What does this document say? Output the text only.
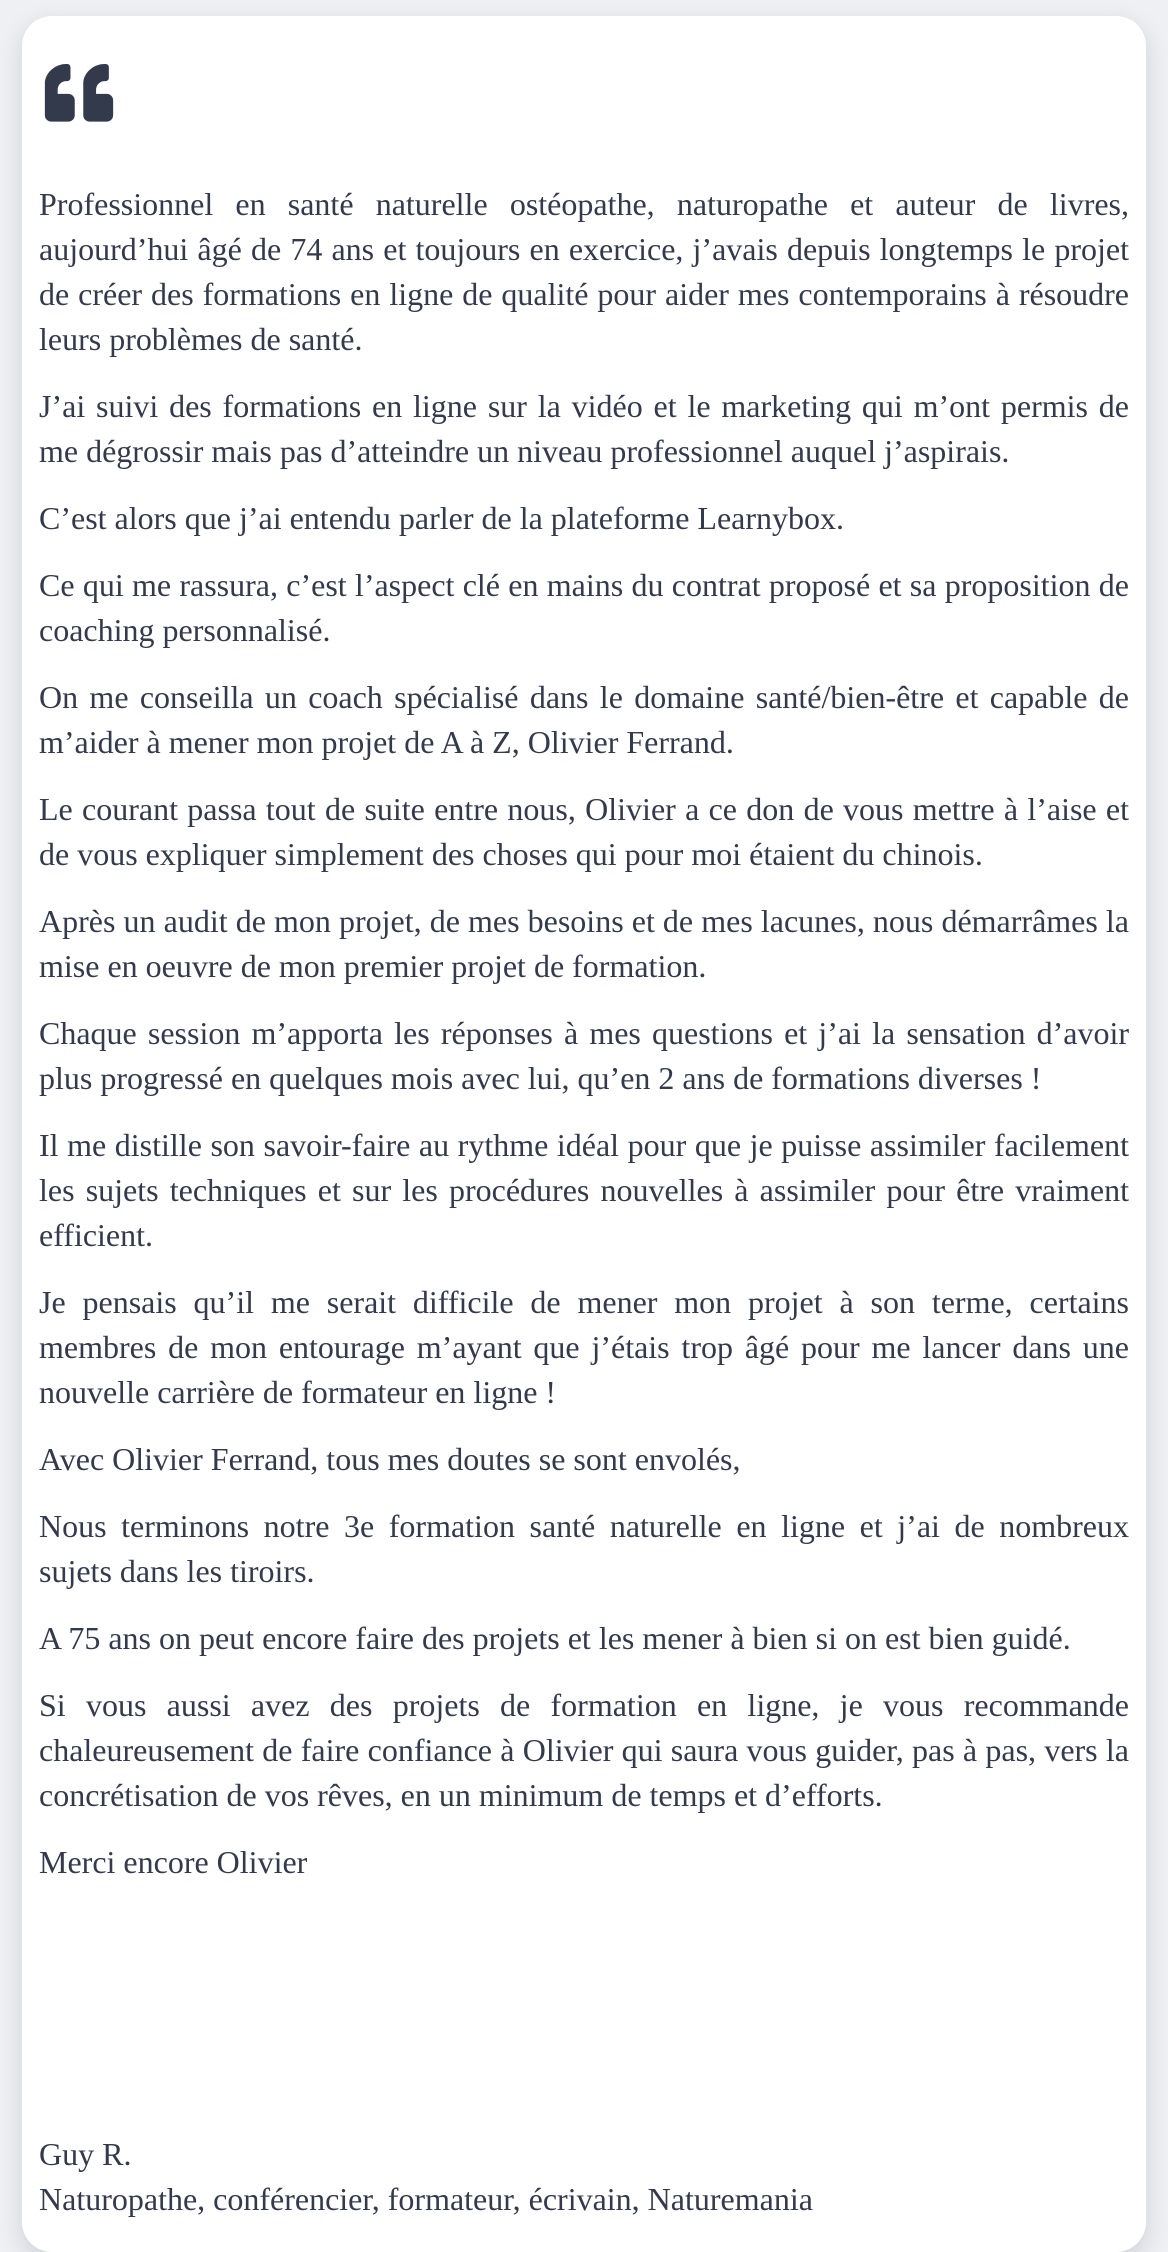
Professionnel en santé naturelle ostéopathe, naturopathe et auteur de livres, aujourd’hui âgé de 74 ans et toujours en exercice, j’avais depuis longtemps le projet de créer des formations en ligne de qualité pour aider mes contemporains à résoudre leurs problèmes de santé.

J’ai suivi des formations en ligne sur la vidéo et le marketing qui m’ont permis de me dégrossir mais pas d’atteindre un niveau professionnel auquel j’aspirais.

C’est alors que j’ai entendu parler de la plateforme Learnybox.

Ce qui me rassura, c’est l’aspect clé en mains du contrat proposé et sa proposition de coaching personnalisé.

On me conseilla un coach spécialisé dans le domaine santé/bien-être et capable de m’aider à mener mon projet de A à Z, Olivier Ferrand.

Le courant passa tout de suite entre nous, Olivier a ce don de vous mettre à l’aise et de vous expliquer simplement des choses qui pour moi étaient du chinois.

Après un audit de mon projet, de mes besoins et de mes lacunes, nous démarrâmes la mise en oeuvre de mon premier projet de formation.

Chaque session m’apporta les réponses à mes questions et j’ai la sensation d’avoir plus progressé en quelques mois avec lui, qu’en 2 ans de formations diverses !

Il me distille son savoir-faire au rythme idéal pour que je puisse assimiler facilement les sujets techniques et sur les procédures nouvelles à assimiler pour être vraiment efficient.

Je pensais qu’il me serait difficile de mener mon projet à son terme, certains membres de mon entourage m’ayant que j’étais trop âgé pour me lancer dans une nouvelle carrière de formateur en ligne !

Avec Olivier Ferrand, tous mes doutes se sont envolés,

Nous terminons notre 3e formation santé naturelle en ligne et j’ai de nombreux sujets dans les tiroirs.

A 75 ans on peut encore faire des projets et les mener à bien si on est bien guidé.

Si vous aussi avez des projets de formation en ligne, je vous recommande chaleureusement de faire confiance à Olivier qui saura vous guider, pas à pas, vers la concrétisation de vos rêves, en un minimum de temps et d’efforts.

Merci encore Olivier

Guy R.
Naturopathe, conférencier, formateur, écrivain, Naturemania
